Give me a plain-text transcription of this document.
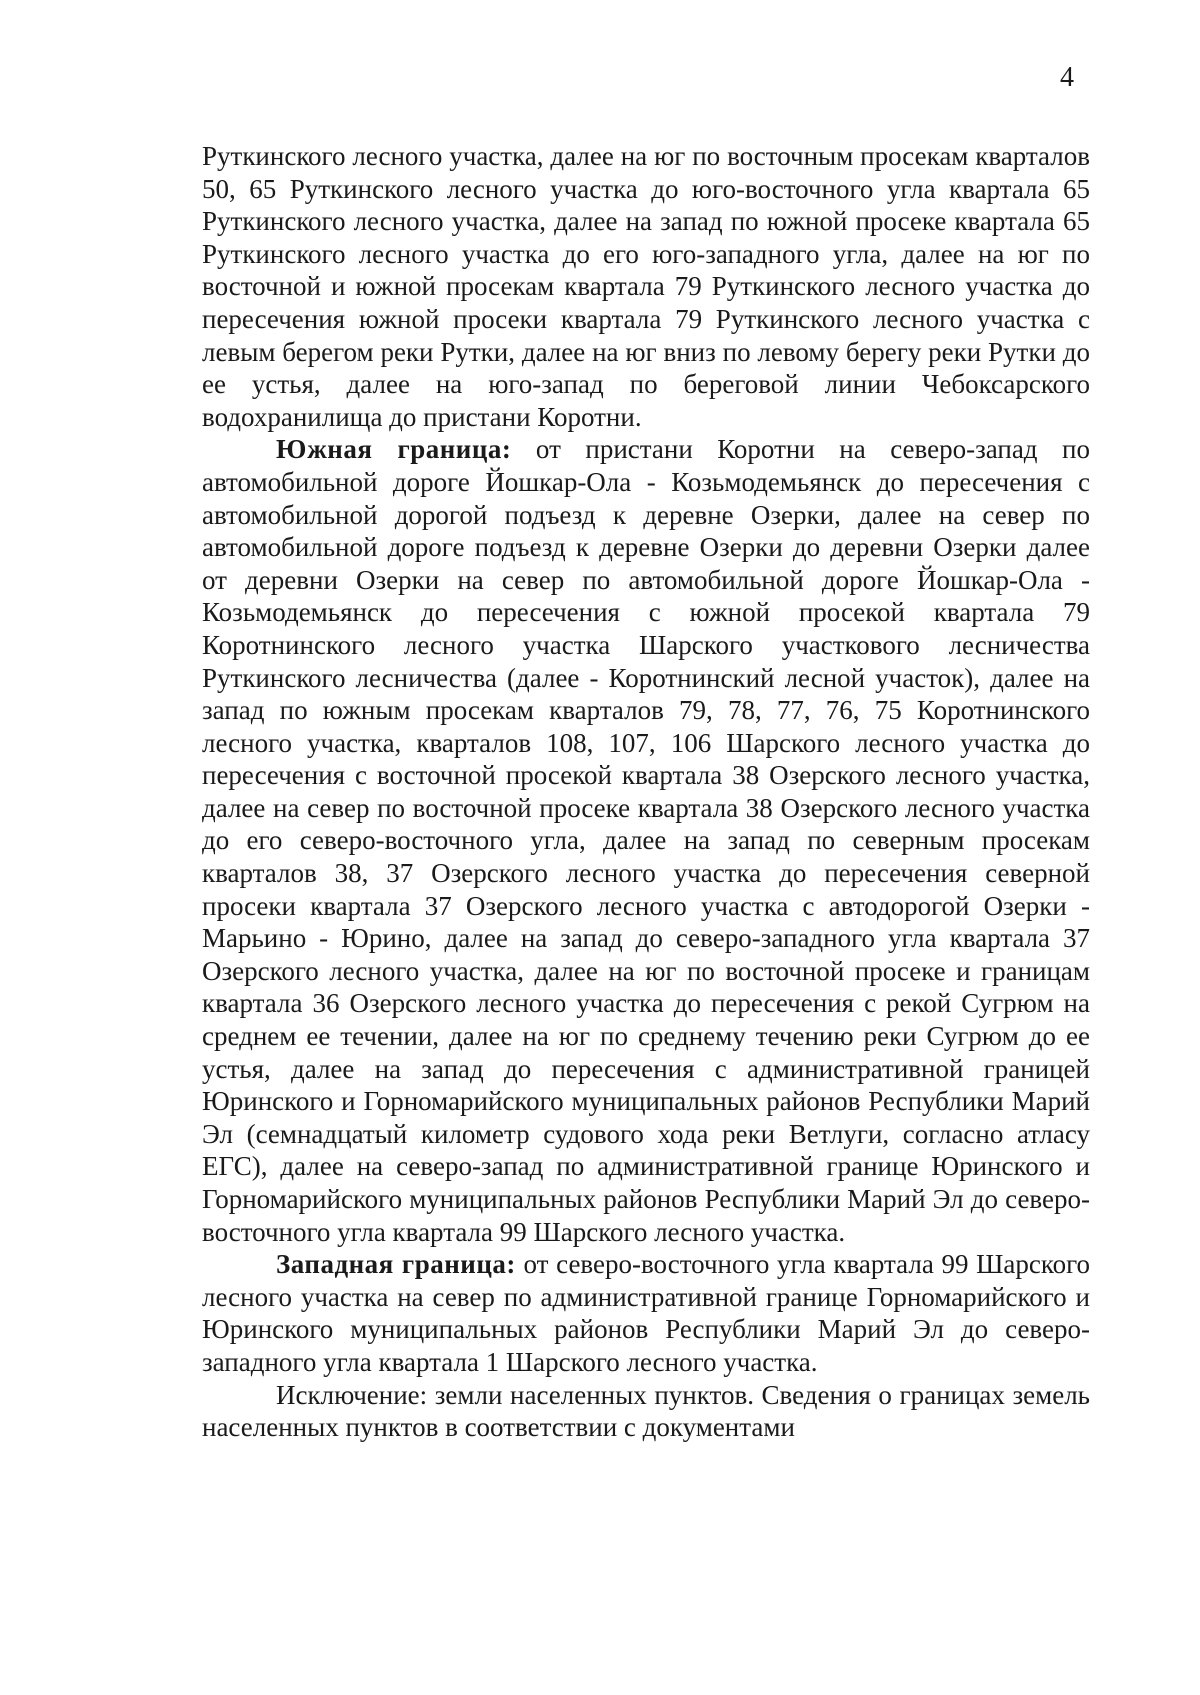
4

Руткинского лесного участка, далее на юг по восточным просекам кварталов 50, 65 Руткинского лесного участка до юго-восточного угла квартала 65 Руткинского лесного участка, далее на запад по южной просеке квартала 65 Руткинского лесного участка до его юго-западного угла, далее на юг по восточной и южной просекам квартала 79 Руткинского лесного участка до пересечения южной просеки квартала 79 Руткинского лесного участка с левым берегом реки Рутки, далее на юг вниз по левому берегу реки Рутки до ее устья, далее на юго-запад по береговой линии Чебоксарского водохранилища до пристани Коротни.

Южная граница: от пристани Коротни на северо-запад по автомобильной дороге Йошкар-Ола - Козьмодемьянск до пересечения с автомобильной дорогой подъезд к деревне Озерки, далее на север по автомобильной дороге подъезд к деревне Озерки до деревни Озерки далее от деревни Озерки на север по автомобильной дороге Йошкар-Ола - Козьмодемьянск до пересечения с южной просекой квартала 79 Коротнинского лесного участка Шарского участкового лесничества Руткинского лесничества (далее - Коротнинский лесной участок), далее на запад по южным просекам кварталов 79, 78, 77, 76, 75 Коротнинского лесного участка, кварталов 108, 107, 106 Шарского лесного участка до пересечения с восточной просекой квартала 38 Озерского лесного участка, далее на север по восточной просеке квартала 38 Озерского лесного участка до его северо-восточного угла, далее на запад по северным просекам кварталов 38, 37 Озерского лесного участка до пересечения северной просеки квартала 37 Озерского лесного участка с автодорогой Озерки - Марьино - Юрино, далее на запад до северо-западного угла квартала 37 Озерского лесного участка, далее на юг по восточной просеке и границам квартала 36 Озерского лесного участка до пересечения с рекой Сугрюм на среднем ее течении, далее на юг по среднему течению реки Сугрюм до ее устья, далее на запад до пересечения с административной границей Юринского и Горномарийского муниципальных районов Республики Марий Эл (семнадцатый километр судового хода реки Ветлуги, согласно атласу ЕГС), далее на северо-запад по административной границе Юринского и Горномарийского муниципальных районов Республики Марий Эл до северо-восточного угла квартала 99 Шарского лесного участка.

Западная граница: от северо-восточного угла квартала 99 Шарского лесного участка на север по административной границе Горномарийского и Юринского муниципальных районов Республики Марий Эл до северо-западного угла квартала 1 Шарского лесного участка.

Исключение: земли населенных пунктов. Сведения о границах земель населенных пунктов в соответствии с документами
